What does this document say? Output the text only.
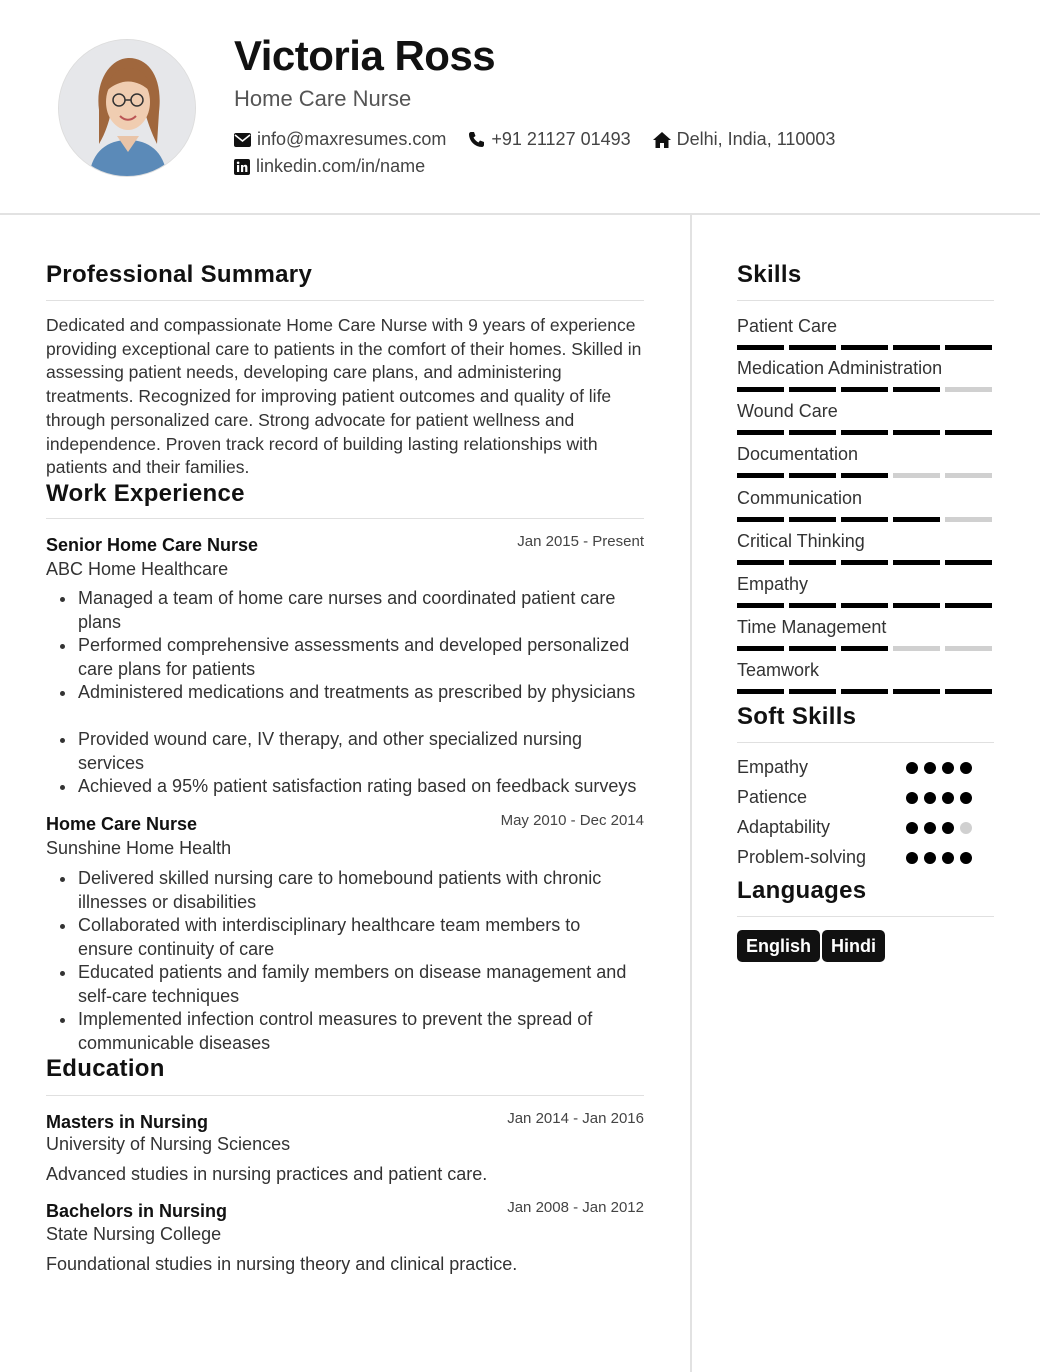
Victoria Ross
Home Care Nurse
info@maxresumes.com	+91 21127 01493	Delhi, India, 110003
linkedin.com/in/name
Professional Summary
Dedicated and compassionate Home Care Nurse with 9 years of experience providing exceptional care to patients in the comfort of their homes. Skilled in assessing patient needs, developing care plans, and administering treatments. Recognized for improving patient outcomes and quality of life through personalized care. Strong advocate for patient wellness and independence. Proven track record of building lasting relationships with patients and their families.
Work Experience
Senior Home Care Nurse	Jan 2015 - Present
ABC Home Healthcare
Managed a team of home care nurses and coordinated patient care plans
Performed comprehensive assessments and developed personalized care plans for patients
Administered medications and treatments as prescribed by physicians
Provided wound care, IV therapy, and other specialized nursing services
Achieved a 95% patient satisfaction rating based on feedback surveys
Home Care Nurse	May 2010 - Dec 2014
Sunshine Home Health
Delivered skilled nursing care to homebound patients with chronic illnesses or disabilities
Collaborated with interdisciplinary healthcare team members to ensure continuity of care
Educated patients and family members on disease management and self-care techniques
Implemented infection control measures to prevent the spread of communicable diseases
Education
Masters in Nursing	Jan 2014 - Jan 2016
University of Nursing Sciences
Advanced studies in nursing practices and patient care.
Bachelors in Nursing	Jan 2008 - Jan 2012
State Nursing College
Foundational studies in nursing theory and clinical practice.
Skills
Patient Care
Medication Administration
Wound Care
Documentation
Communication
Critical Thinking
Empathy
Time Management
Teamwork
Soft Skills
Empathy
Patience
Adaptability
Problem-solving
Languages
English	Hindi
